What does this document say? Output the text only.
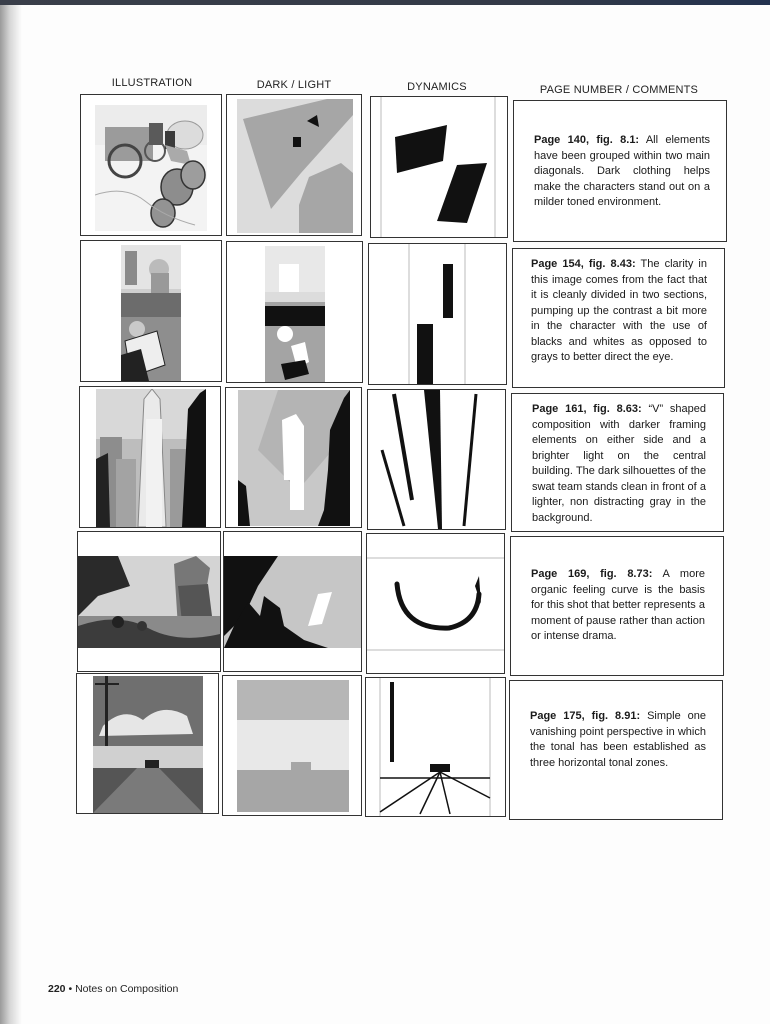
ILLUSTRATION	DARK / LIGHT	DYNAMICS	PAGE NUMBER / COMMENTS
Page 140, fig. 8.1: All elements have been grouped within two main diagonals. Dark clothing helps make the characters stand out on a milder toned environment.
Page 154, fig. 8.43: The clarity in this image comes from the fact that it is cleanly divided in two sections, pumping up the contrast a bit more in the character with the use of blacks and whites as opposed to grays to better direct the eye.
Page 161, fig. 8.63: “V” shaped composition with darker framing elements on either side and a brighter light on the central building. The dark silhouettes of the swat team stands clean in front of a lighter, non distracting gray in the background.
Page 169, fig. 8.73: A more organic feeling curve is the basis for this shot that better represents a moment of pause rather than action or intense drama.
Page 175, fig. 8.91: Simple one vanishing point perspective in which the tonal has been established as three horizontal tonal zones.
220 • Notes on Composition
